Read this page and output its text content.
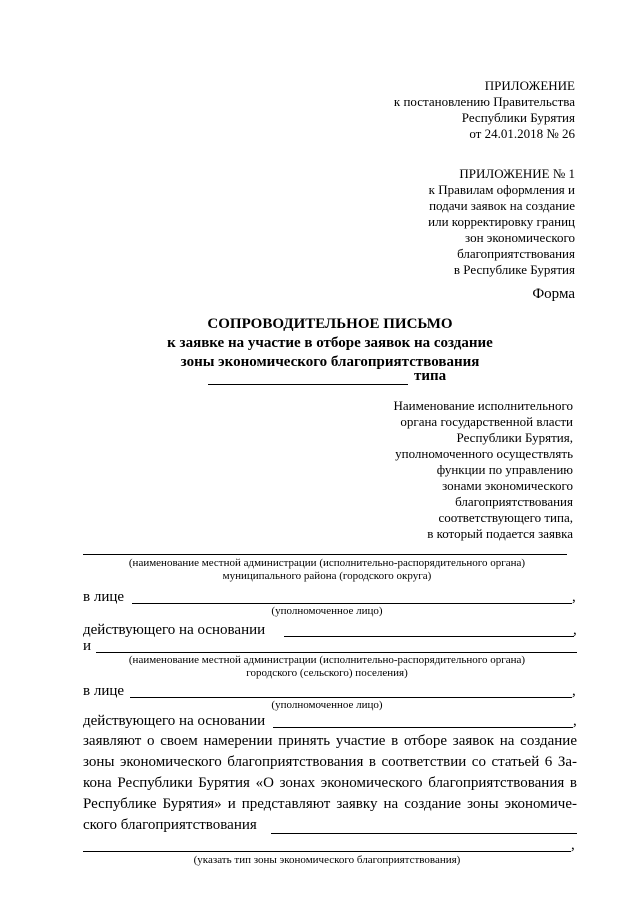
ПРИЛОЖЕНИЕ
к постановлению Правительства
Республики Бурятия
от 24.01.2018 № 26
ПРИЛОЖЕНИЕ № 1
к Правилам оформления и
подачи заявок на создание
или корректировку границ
зон экономического
благоприятствования
в Республике Бурятия
Форма
СОПРОВОДИТЕЛЬНОЕ ПИСЬМО
к заявке на участие в отборе заявок на создание
зоны экономического благоприятствования
типа
Наименование исполнительного
органа государственной власти
Республики Бурятия,
уполномоченного осуществлять
функции по управлению
зонами экономического
благоприятствования
соответствующего типа,
в который подается заявка
(наименование местной администрации (исполнительно-распорядительного органа)
муниципального района (городского округа)
в лице	,
(уполномоченное лицо)
действующего на основании	,
и
(наименование местной администрации (исполнительно-распорядительного органа)
городского (сельского) поселения)
в лице	,
(уполномоченное лицо)
действующего на основании	,
заявляют о своем намерении принять участие в отборе заявок на создание
зоны экономического благоприятствования в соответствии со статьей 6 За-
кона Республики Бурятия «О зонах экономического благоприятствования в
Республике Бурятия» и представляют заявку на создание зоны экономиче-
ского благоприятствования
,
(указать тип зоны экономического благоприятствования)
